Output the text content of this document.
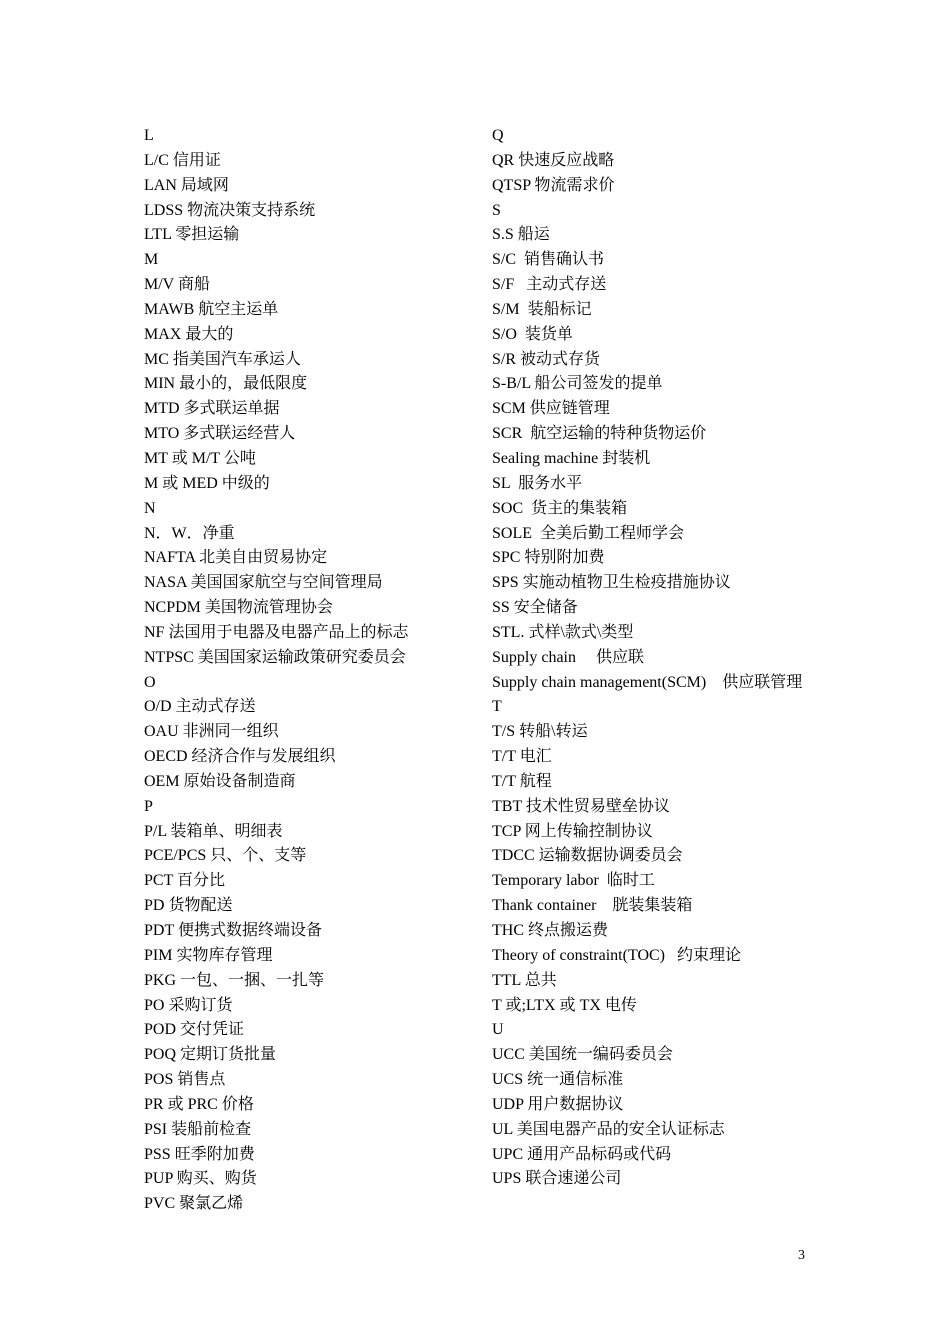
L
L/C 信用证
LAN 局域网
LDSS 物流决策支持系统
LTL 零担运输
M
M/V 商船
MAWB 航空主运单
MAX 最大的
MC 指美国汽车承运人
MIN 最小的，最低限度
MTD 多式联运单据
MTO 多式联运经营人
MT 或 M/T 公吨
M 或 MED 中级的
N
N．W．净重
NAFTA 北美自由贸易协定
NASA 美国国家航空与空间管理局
NCPDM 美国物流管理协会
NF 法国用于电器及电器产品上的标志
NTPSC 美国国家运输政策研究委员会
O
O/D 主动式存送
OAU 非洲同一组织
OECD 经济合作与发展组织
OEM 原始设备制造商
P
P/L 装箱单、明细表
PCE/PCS 只、个、支等
PCT 百分比
PD 货物配送
PDT 便携式数据终端设备
PIM 实物库存管理
PKG 一包、一捆、一扎等
PO 采购订货
POD 交付凭证
POQ 定期订货批量
POS 销售点
PR 或 PRC 价格
PSI 装船前检查
PSS 旺季附加费
PUP 购买、购货
PVC 聚氯乙烯
Q
QR 快速反应战略
QTSP 物流需求价
S
S.S 船运
S/C  销售确认书
S/F   主动式存送
S/M  装船标记
S/O  装货单
S/R 被动式存货
S-B/L 船公司签发的提单
SCM 供应链管理
SCR  航空运输的特种货物运价
Sealing machine 封装机
SL  服务水平
SOC  货主的集装箱
SOLE  全美后勤工程师学会
SPC 特别附加费
SPS 实施动植物卫生检疫措施协议
SS 安全储备
STL. 式样\款式\类型
Supply chain     供应联
Supply chain management(SCM)    供应联管理
T
T/S 转船\转运
T/T 电汇
T/T 航程
TBT 技术性贸易壁垒协议
TCP 网上传输控制协议
TDCC 运输数据协调委员会
Temporary labor  临时工
Thank container    胱装集装箱
THC 终点搬运费
Theory of constraint(TOC)   约束理论
TTL 总共
T 或;LTX 或 TX 电传
U
UCC 美国统一编码委员会
UCS 统一通信标准
UDP 用户数据协议
UL 美国电器产品的安全认证标志
UPC 通用产品标码或代码
UPS 联合速递公司
3
